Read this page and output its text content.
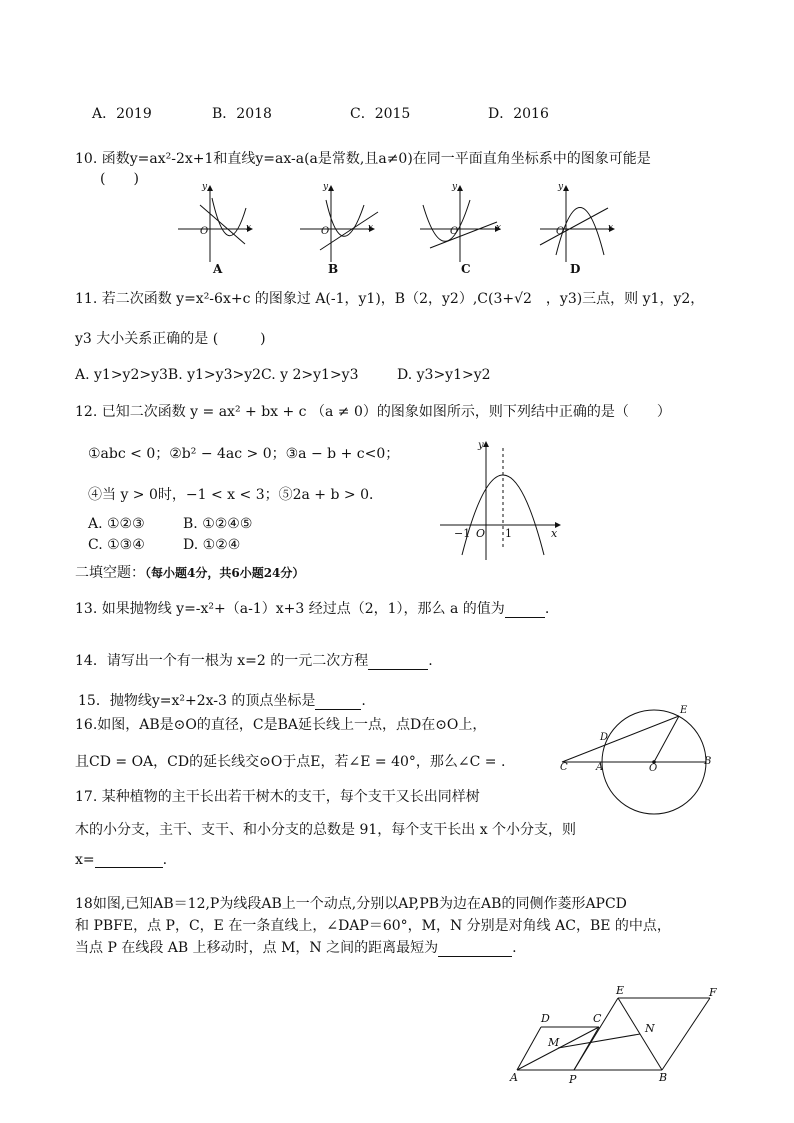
A．2019	B．2018	C．2015	D．2016
10. 函数y=ax²-2x+1和直线y=ax-a(a是常数,且a≠0)在同一平面直角坐标系中的图象可能是
(　　)	y
x
O
y
x
O
y
x
O
y
x
O
A	B	C	D
11. 若二次函数 y=x²-6x+c 的图象过 A(-1，y1)，B（2，y2）,C(3+√2　，y3)三点，则 y1，y2，
y3 大小关系正确的是 (　　　)
A. y1>y2>y3B. y1>y3>y2C. y 2>y1>y3	D. y3>y1>y2
12. 已知二次函数 y = ax² + bx + c （a ≠ 0）的图象如图所示，则下列结中正确的是（　　）
①abc < 0；②b² − 4ac > 0；③a − b + c<0；
④当 y > 0时，−1 < x < 3；⑤2a + b > 0．
A. ①②③	B. ①②④⑤
C. ①③④	D. ①②④
y
x
O
−1	1
二填空题：（每小题4分，共6小题24分）
13. 如果抛物线 y=-x²+（a-1）x+3 经过点（2，1），那么 a 的值为	.
14．请写出一个有一根为 x=2 的一元二次方程	.
15．抛物线y=x²+2x-3 的顶点坐标是	.
16.如图，AB是⊙O的直径，C是BA延长线上一点，点D在⊙O上，
且CD = OA，CD的延长线交⊙O于点E，若∠E = 40°，那么∠C = .
E
D
C	A	O
B
17. 某种植物的主干长出若干树木的支干，每个支干又长出同样树
木的小分支，主干、支干、和小分支的总数是 91，每个支干长出 x 个小分支，则
x=	.
18如图,已知AB＝12,P为线段AB上一个动点,分别以AP,PB为边在AB的同侧作菱形APCD
和 PBFE，点 P，C，E 在一条直线上，∠DAP＝60°，M，N 分别是对角线 AC，BE 的中点，
当点 P 在线段 AB 上移动时，点 M，N 之间的距离最短为	.
E	F
D	C
N
M
A	P	B
